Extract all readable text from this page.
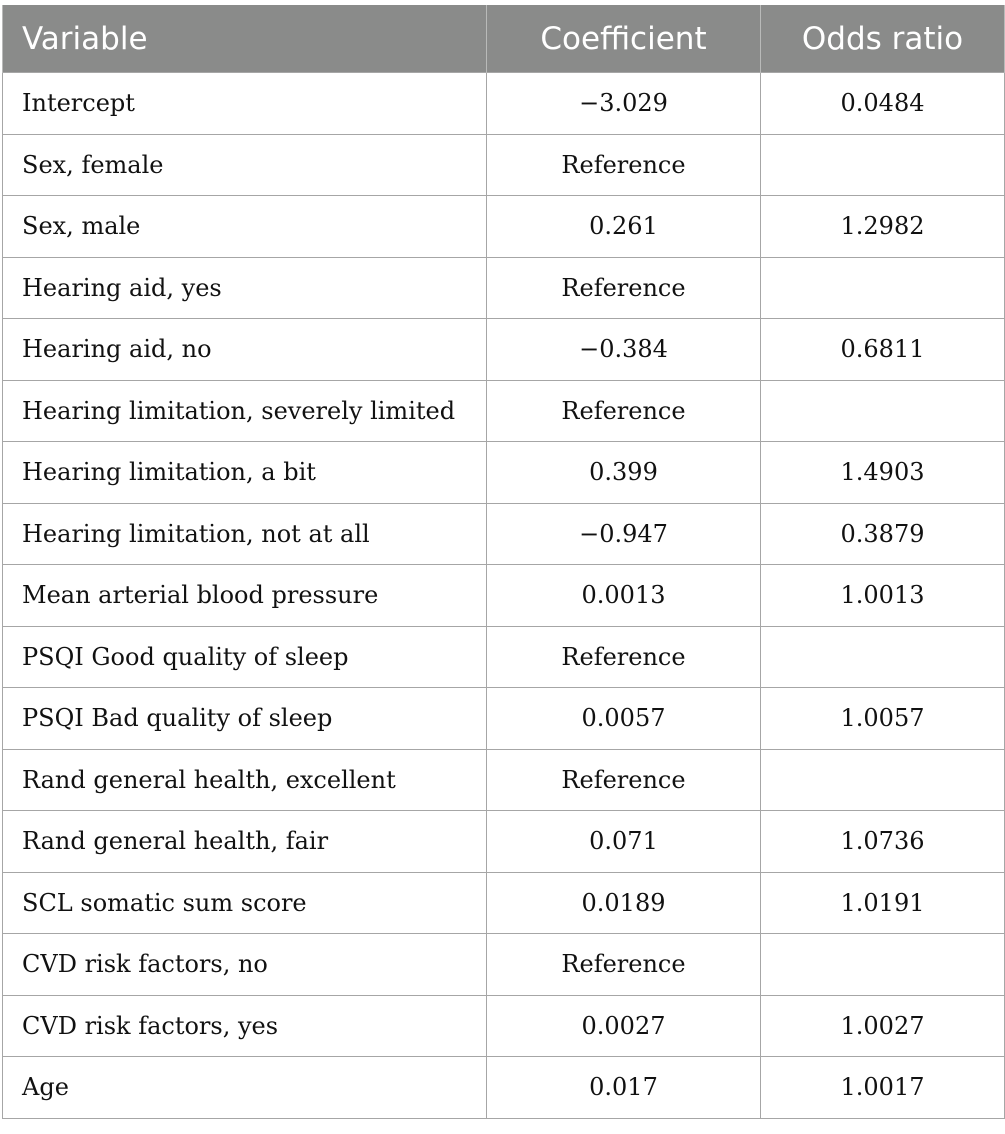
Variable	Coefficient	Odds ratio
Intercept	−3.029	0.0484
Sex, female	Reference	
Sex, male	0.261	1.2982
Hearing aid, yes	Reference	
Hearing aid, no	−0.384	0.6811
Hearing limitation, severely limited	Reference	
Hearing limitation, a bit	0.399	1.4903
Hearing limitation, not at all	−0.947	0.3879
Mean arterial blood pressure	0.0013	1.0013
PSQI Good quality of sleep	Reference	
PSQI Bad quality of sleep	0.0057	1.0057
Rand general health, excellent	Reference	
Rand general health, fair	0.071	1.0736
SCL somatic sum score	0.0189	1.0191
CVD risk factors, no	Reference	
CVD risk factors, yes	0.0027	1.0027
Age	0.017	1.0017
